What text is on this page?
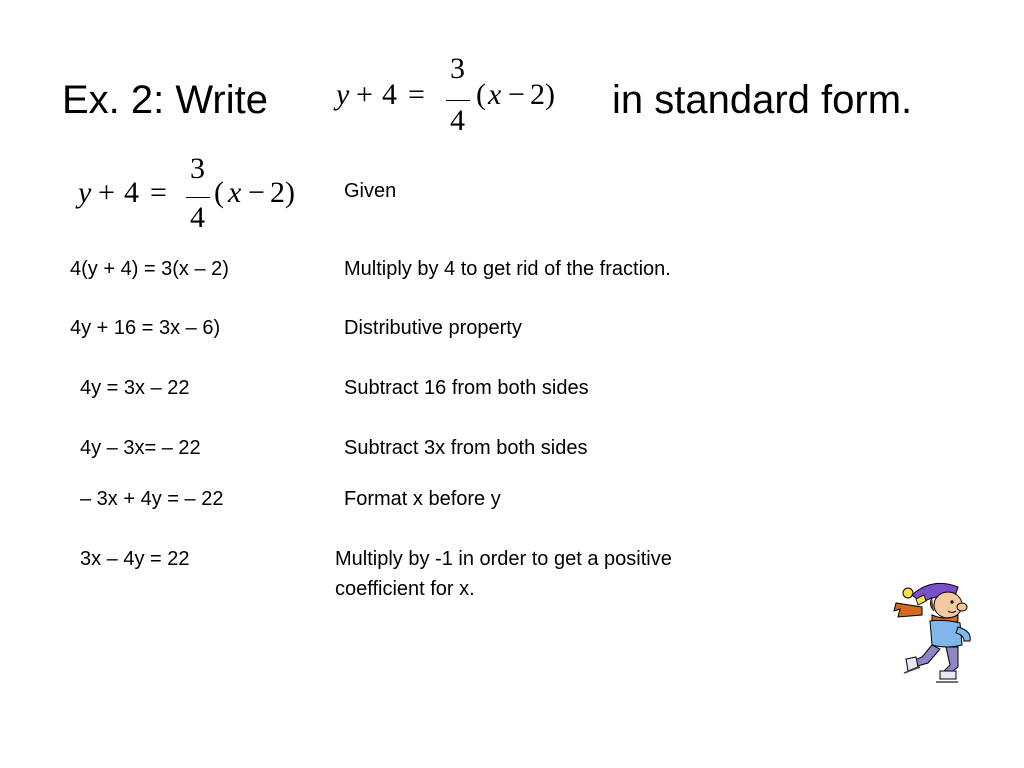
Ex. 2: Write y + 4 =
3
4
( x − 2) in standard form.
y + 4 =
3
4
( x − 2)
4(y + 4) = 3(x – 2)
4y + 16 = 3x – 6)
4y = 3x – 22
4y – 3x= – 22
– 3x + 4y = – 22
3x – 4y = 22
Given
Multiply by 4 to get rid of the fraction.
Distributive property
Subtract 16 from both sides
Subtract 3x from both sides
Format x before y
Multiply by -1 in order to get a positive
coefficient for x.
